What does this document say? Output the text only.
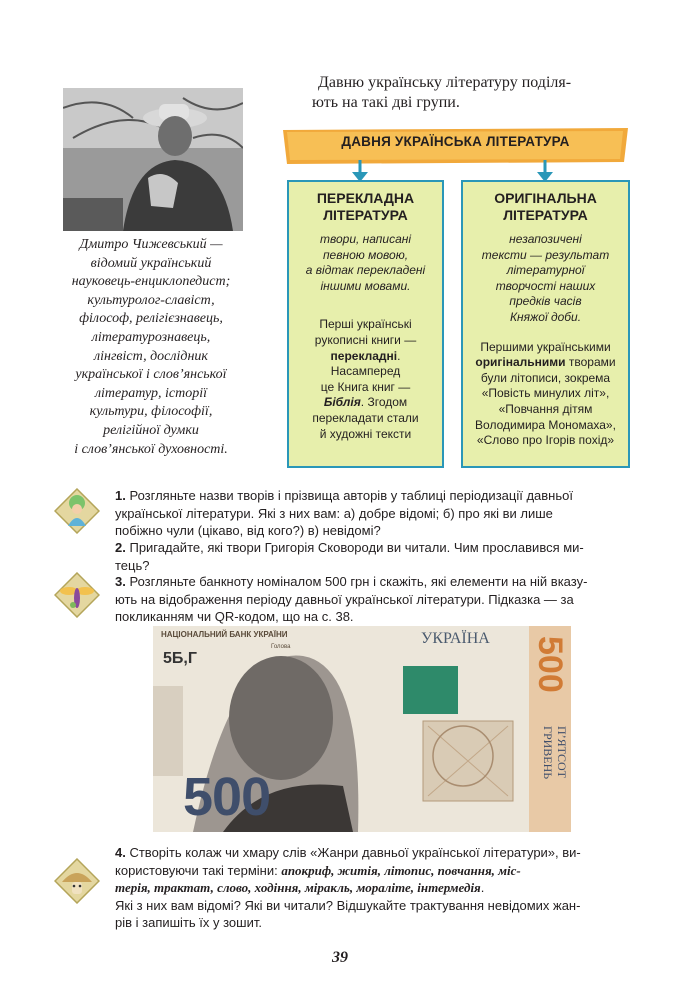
Дмитро Чижевський —
відомий український
науковець-енциклопедист;
культуролог-славіст,
філософ, релігієзнавець,
літературознавець,
лінгвіст, дослідник
української і слов’янської
літератур, історії
культури, філософії,
релігійної думки
і слов’янської духовності.
Давню українську літературу поділя-
ють на такі дві групи.
ДАВНЯ УКРАЇНСЬКА ЛІТЕРАТУРА
ПЕРЕКЛАДНА
ЛІТЕРАТУРА

твори, написані
певною мовою,
а відтак перекладені
іншими мовами.

Перші українські
рукописні книги —
перекладні.
Насамперед
це Книга книг —
Біблія. Згодом
перекладати стали
й художні тексти

ОРИГІНАЛЬНА
ЛІТЕРАТУРА

незапозичені
тексти — результат
літературної
творчості наших
предків часів
Княжої доби.

Першими українськими
оригінальними творами
були літописи, зокрема
«Повість минулих літ»,
«Повчання дітям
Володимира Мономаха»,
«Слово про Ігорів похід»

1. Розгляньте назви творів і прізвища авторів у таблиці періодизації давньої
української літератури. Які з них вам: а) добре відомі; б) про які ви лише
побіжно чули (цікаво, від кого?) в) невідомі?
2. Пригадайте, які твори Григорія Сковороди ви читали. Чим прославився ми-
тець?
3. Розгляньте банкноту номіналом 500 грн і скажіть, які елементи на ній вказу-
ють на відображення періоду давньої української літератури. Підказка — за
покликанням чи QR-кодом, що на с. 38.
НАЦІОНАЛЬНИЙ БАНК УКРАЇНИ
5Б,Г
Голова	УКРАЇНА
500
500
П’ЯТСОТ
ГРИВЕНЬ
4. Створіть колаж чи хмару слів «Жанри давньої української літератури», ви-
користовуючи такі терміни: апокриф, житія, літопис, повчання, міс-
терія, трактат, слово, ходіння, міракль, мораліте, інтермедія.
Які з них вам відомі? Які ви читали? Відшукайте трактування невідомих жан-
рів і запишіть їх у зошит.
39
